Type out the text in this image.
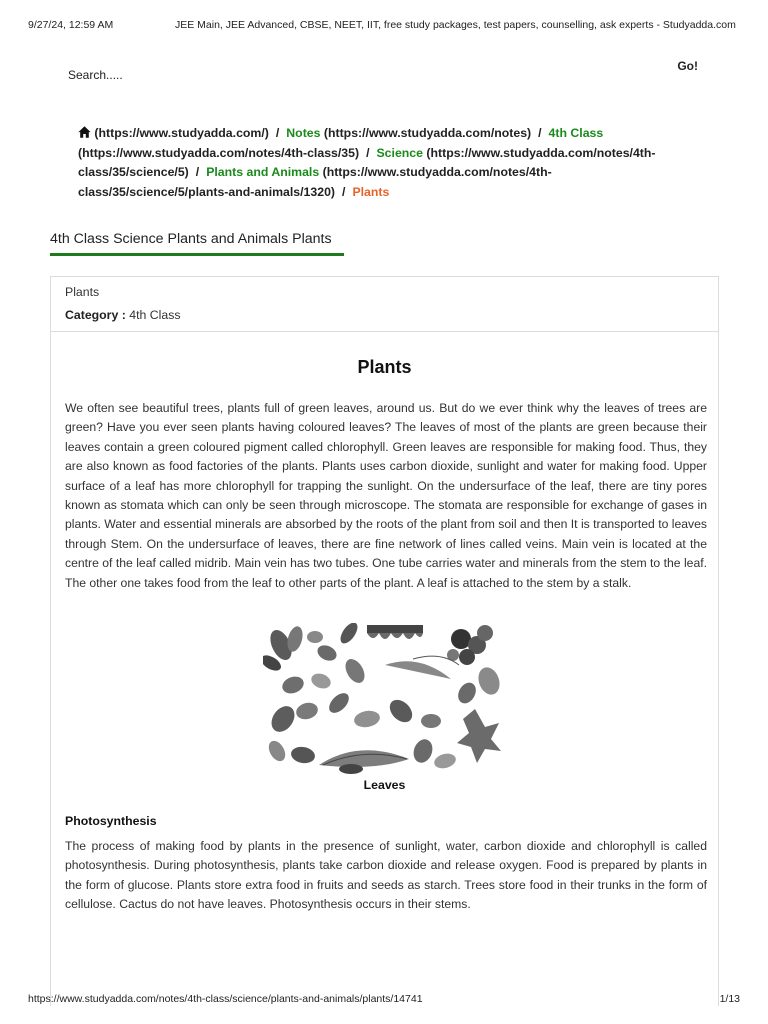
9/27/24, 12:59 AM	JEE Main, JEE Advanced, CBSE, NEET, IIT, free study packages, test papers, counselling, ask experts - Studyadda.com
Search.....
Go!
(https://www.studyadda.com/) / Notes (https://www.studyadda.com/notes) / 4th Class (https://www.studyadda.com/notes/4th-class/35) / Science (https://www.studyadda.com/notes/4th-class/35/science/5) / Plants and Animals (https://www.studyadda.com/notes/4th-class/35/science/5/plants-and-animals/1320) / Plants
4th Class Science Plants and Animals Plants
Plants
Category : 4th Class
Plants

We often see beautiful trees, plants full of green leaves, around us. But do we ever think why the leaves of trees are green? Have you ever seen plants having coloured leaves? The leaves of most of the plants are green because their leaves contain a green coloured pigment called chlorophyll. Green leaves are responsible for making food. Thus, they are also known as food factories of the plants. Plants uses carbon dioxide, sunlight and water for making food. Upper surface of a leaf has more chlorophyll for trapping the sunlight. On the undersurface of the leaf, there are tiny pores known as stomata which can only be seen through microscope. The stomata are responsible for exchange of gases in plants. Water and essential minerals are absorbed by the roots of the plant from soil and then It is transported to leaves through Stem. On the undersurface of leaves, there are fine network of lines called veins. Main vein is located at the centre of the leaf called midrib. Main vein has two tubes. One tube carries water and minerals from the stem to the leaf. The other one takes food from the leaf to other parts of the plant. A leaf is attached to the stem by a stalk.

Leaves
Photosynthesis

The process of making food by plants in the presence of sunlight, water, carbon dioxide and chlorophyll is called photosynthesis. During photosynthesis, plants take carbon dioxide and release oxygen. Food is prepared by plants in the form of glucose. Plants store extra food in fruits and seeds as starch. Trees store food in their trunks in the form of cellulose. Cactus do not have leaves. Photosynthesis occurs in their stems.

https://www.studyadda.com/notes/4th-class/science/plants-and-animals/plants/14741	1/13
